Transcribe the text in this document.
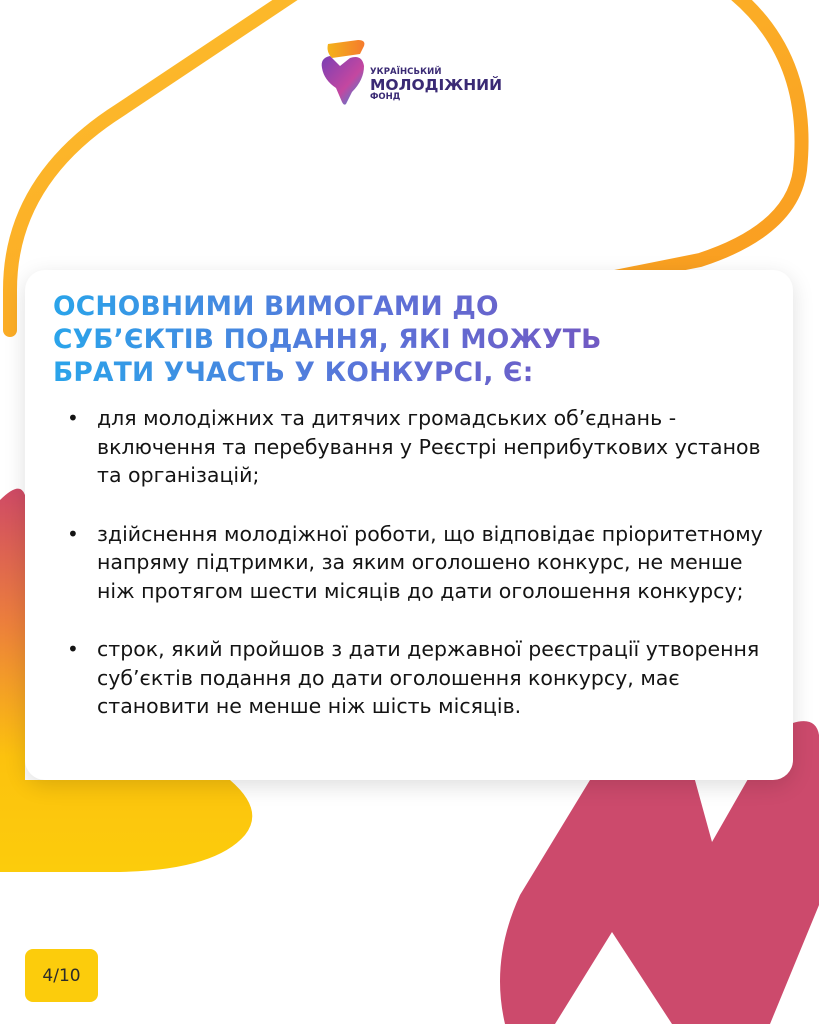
УКРАЇНСЬКИЙ
МОЛОДІЖНИЙ
ФОНД
ОСНОВНИМИ ВИМОГАМИ ДО
СУБ’ЄКТІВ ПОДАННЯ, ЯКІ МОЖУТЬ
БРАТИ УЧАСТЬ У КОНКУРСІ, Є:
• для молодіжних та дитячих громадських об’єднань - включення та перебування у Реєстрі неприбуткових установ та організацій;
• здійснення молодіжної роботи, що відповідає пріоритетному напряму підтримки, за яким оголошено конкурс, не менше ніж протягом шести місяців до дати оголошення конкурсу;
• строк, який пройшов з дати державної реєстрації утворення суб’єктів подання до дати оголошення конкурсу, має становити не менше ніж шість місяців.
4/10
